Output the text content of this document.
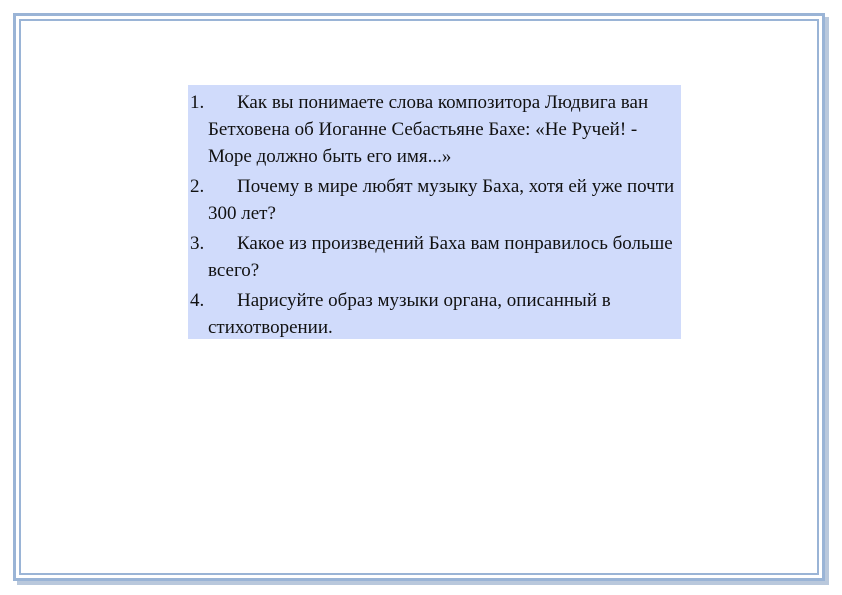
1.	Как вы понимаете слова композитора Людвига ван Бетховена об Иоганне Себастьяне Бахе: «Не Ручей! - Море должно быть его имя...»
2.	Почему в мире любят музыку Баха, хотя ей уже почти 300 лет?
3.	Какое из произведений Баха вам понравилось больше всего?
4.	Нарисуйте образ музыки органа, описанный в стихотворении.
